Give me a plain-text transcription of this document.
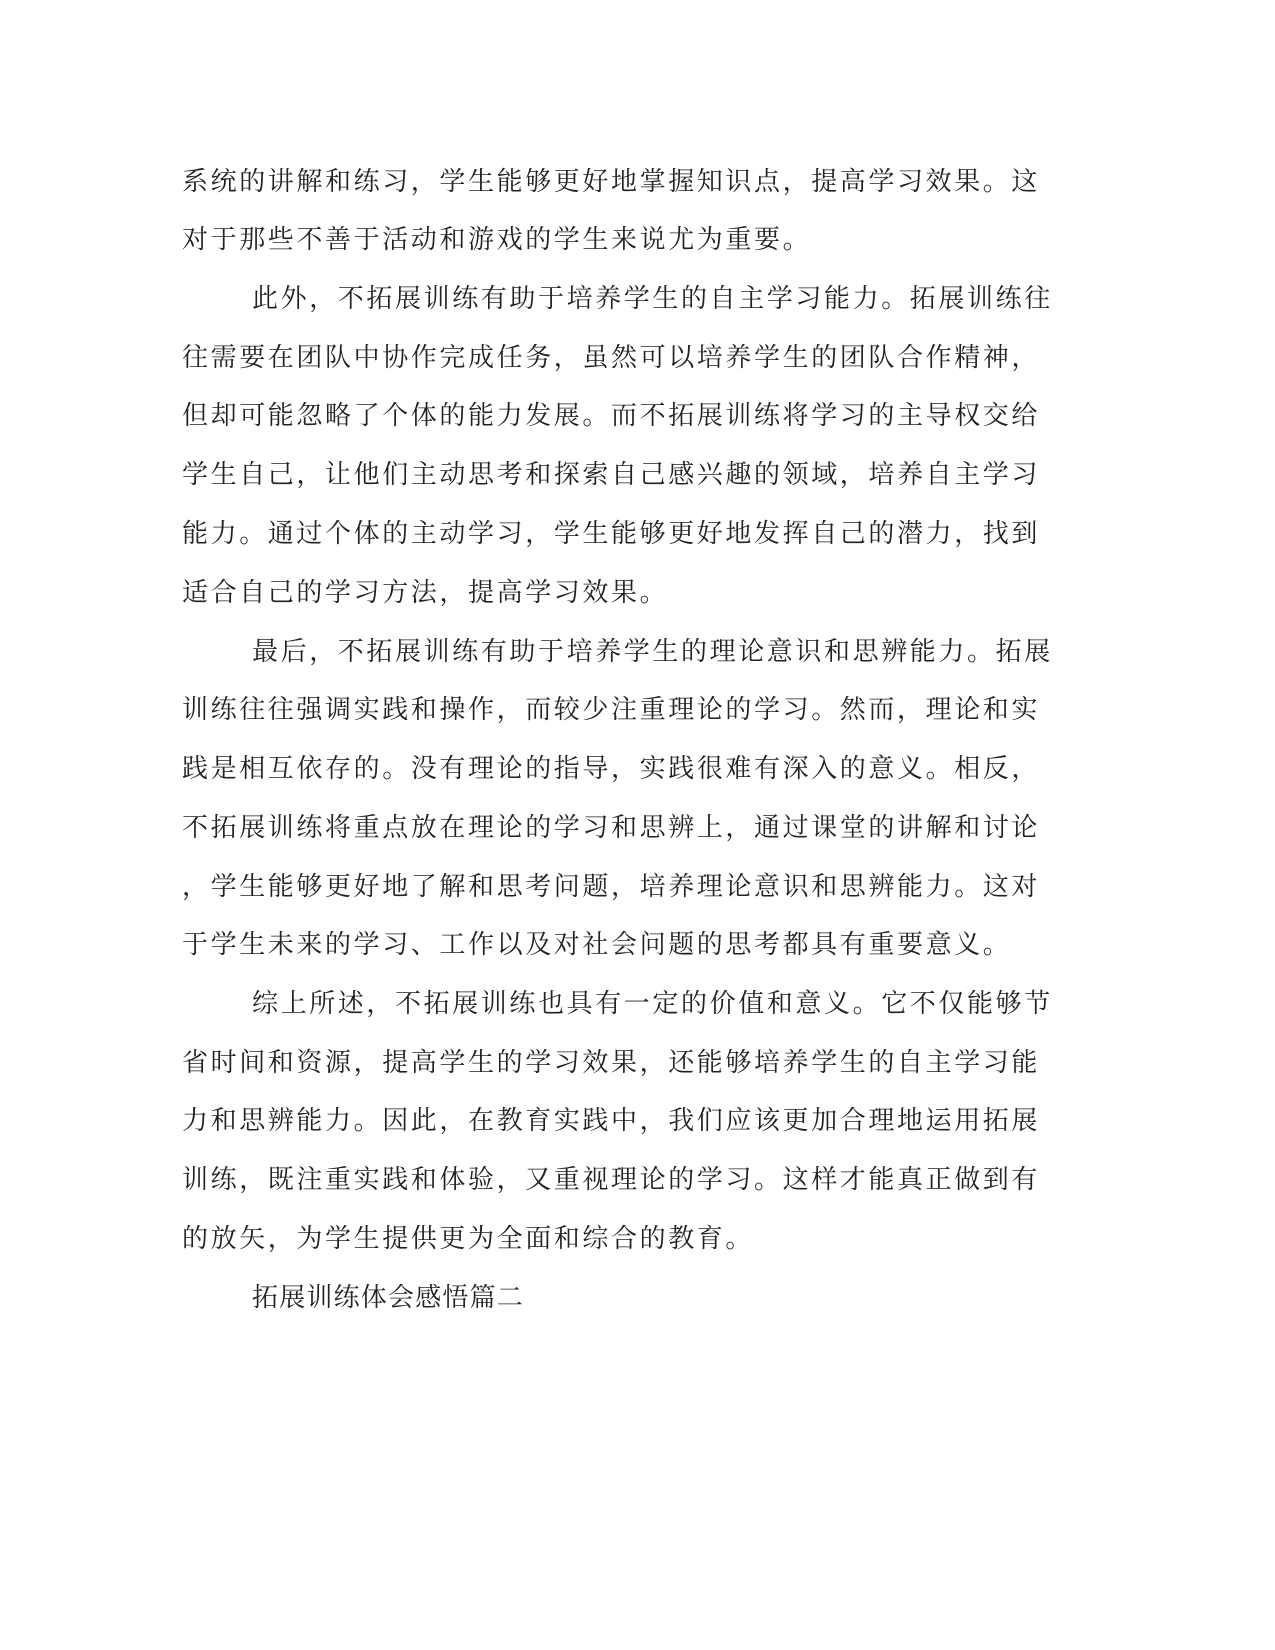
系统的讲解和练习，学生能够更好地掌握知识点，提高学习效果。这
对于那些不善于活动和游戏的学生来说尤为重要。
此外，不拓展训练有助于培养学生的自主学习能力。拓展训练往
往需要在团队中协作完成任务，虽然可以培养学生的团队合作精神，
但却可能忽略了个体的能力发展。而不拓展训练将学习的主导权交给
学生自己，让他们主动思考和探索自己感兴趣的领域，培养自主学习
能力。通过个体的主动学习，学生能够更好地发挥自己的潜力，找到
适合自己的学习方法，提高学习效果。
最后，不拓展训练有助于培养学生的理论意识和思辨能力。拓展
训练往往强调实践和操作，而较少注重理论的学习。然而，理论和实
践是相互依存的。没有理论的指导，实践很难有深入的意义。相反，
不拓展训练将重点放在理论的学习和思辨上，通过课堂的讲解和讨论
，学生能够更好地了解和思考问题，培养理论意识和思辨能力。这对
于学生未来的学习、工作以及对社会问题的思考都具有重要意义。
综上所述，不拓展训练也具有一定的价值和意义。它不仅能够节
省时间和资源，提高学生的学习效果，还能够培养学生的自主学习能
力和思辨能力。因此，在教育实践中，我们应该更加合理地运用拓展
训练，既注重实践和体验，又重视理论的学习。这样才能真正做到有
的放矢，为学生提供更为全面和综合的教育。
拓展训练体会感悟篇二
